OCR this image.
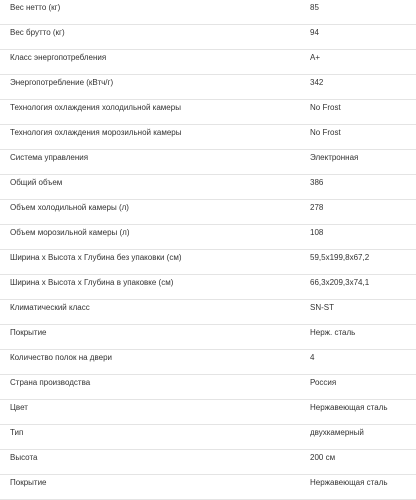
Вес нетто (кг)	85
Вес брутто (кг)	94
Класс энергопотребления	A+
Энергопотребление (кВтч/г)	342
Технология охлаждения холодильной камеры	No Frost
Технология охлаждения морозильной камеры	No Frost
Система управления	Электронная
Общий объем	386
Объем холодильной камеры (л)	278
Объем морозильной камеры (л)	108
Ширина x Высота x Глубина без упаковки (см)	59,5x199,8x67,2
Ширина x Высота x Глубина в упаковке (см)	66,3x209,3x74,1
Климатический класс	SN-ST
Покрытие	Нерж. сталь
Количество полок на двери	4
Страна производства	Россия
Цвет	Нержавеющая сталь
Тип	двухкамерный
Высота	200 см
Покрытие	Нержавеющая сталь
